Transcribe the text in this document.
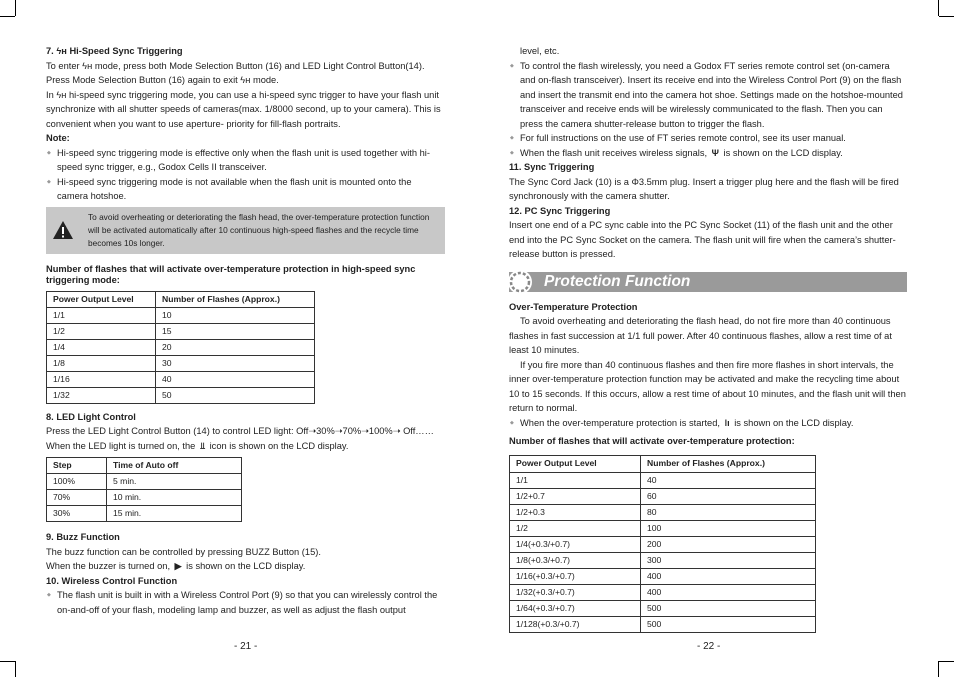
7. ϟʜ Hi-Speed Sync Triggering

To enter ϟʜ mode, press both Mode Selection Button (16) and LED Light Control Button(14). Press Mode Selection Button (16) again to exit ϟʜ mode.

In ϟʜ hi-speed sync triggering mode, you can use a hi-speed sync trigger to have your flash unit synchronize with all shutter speeds of cameras(max. 1/8000 second, up to your camera). This is convenient when you want to use aperture- priority for fill-flash portraits.

Note:

◆ Hi-speed sync triggering mode is effective only when the flash unit is used together with hi-speed sync trigger, e.g., Godox Cells II transceiver.

◆ Hi-speed sync triggering mode is not available when the flash unit is mounted onto the camera hotshoe.

To avoid overheating or deteriorating the flash head, the over-temperature protection function will be activated automatically after 10 continuous high-speed flashes and the recycle time becomes 10s longer.

Number of flashes that will activate over-temperature protection in high-speed sync triggering mode:

Power Output Level	Number of Flashes (Approx.)
1/1	10
1/2	15
1/4	20
1/8	30
1/16	40
1/32	50

8. LED Light Control

Press the LED Light Control Button (14) to control LED light: Off➝30%➝70%➝100%➝ Off……

When the LED light is turned on, the ⫫ icon is shown on the LCD display.

Step	Time of Auto off
100%	5 min.
70%	10 min.
30%	15 min.

9. Buzz Function

The buzz function can be controlled by pressing BUZZ Button (15).

When the buzzer is turned on, ▶ is shown on the LCD display.

10. Wireless Control Function

◆ The flash unit is built in with a Wireless Control Port (9) so that you can wirelessly control the on-and-off of your flash, modeling lamp and buzzer, as well as adjust the flash output

- 21 -

level, etc.

◆ To control the flash wirelessly, you need a Godox FT series remote control set (on-camera and on-flash transceiver). Insert its receive end into the Wireless Control Port (9) on the flash and insert the transmit end into the camera hot shoe. Settings made on the hotshoe-mounted transceiver and receive ends will be wirelessly communicated to the flash. Then you can press the camera shutter-release button to trigger the flash.

◆ For full instructions on the use of FT series remote control, see its user manual.

◆ When the flash unit receives wireless signals, Ψ is shown on the LCD display.

11. Sync Triggering

The Sync Cord Jack (10) is a Φ3.5mm plug. Insert a trigger plug here and the flash will be fired synchronously with the camera shutter.

12. PC Sync Triggering

Insert one end of a PC sync cable into the PC Sync Socket (11) of the flash unit and the other end into the PC Sync Socket on the camera. The flash unit will fire when the camera’s shutter-release button is pressed.

Protection Function

Over-Temperature Protection

To avoid overheating and deteriorating the flash head, do not fire more than 40 continuous flashes in fast succession at 1/1 full power. After 40 continuous flashes, allow a rest time of at least 10 minutes.

If you fire more than 40 continuous flashes and then fire more flashes in short intervals, the inner over-temperature protection function may be activated and make the recycling time about 10 to 15 seconds. If this occurs, allow a rest time of about 10 minutes, and the flash unit will then return to normal.

◆ When the over-temperature protection is started, ǀı is shown on the LCD display.

Number of flashes that will activate over-temperature protection:

Power Output Level	Number of Flashes (Approx.)
1/1	40
1/2+0.7	60
1/2+0.3	80
1/2	100
1/4(+0.3/+0.7)	200
1/8(+0.3/+0.7)	300
1/16(+0.3/+0.7)	400
1/32(+0.3/+0.7)	400
1/64(+0.3/+0.7)	500
1/128(+0.3/+0.7)	500
- 22 -
